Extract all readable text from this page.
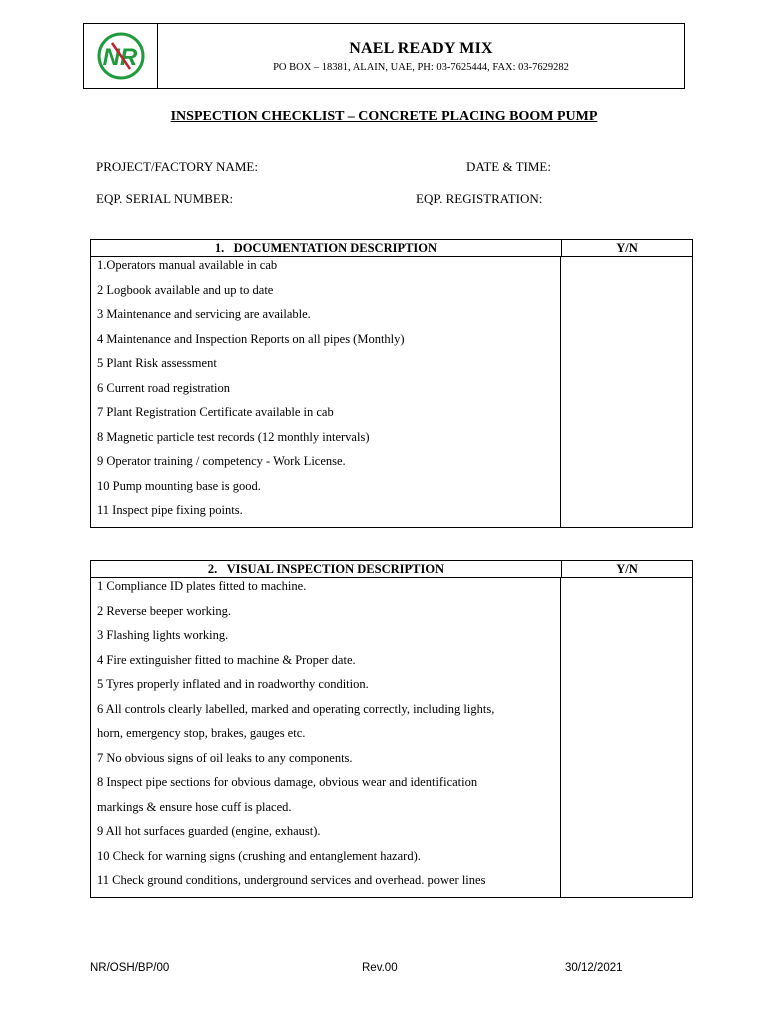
NR	NAEL READY MIX
PO BOX – 18381, ALAIN, UAE, PH: 03-7625444, FAX: 03-7629282
INSPECTION CHECKLIST – CONCRETE PLACING BOOM PUMP
PROJECT/FACTORY NAME:	DATE & TIME:
EQP. SERIAL NUMBER:	EQP. REGISTRATION:
1. DOCUMENTATION DESCRIPTION	Y/N
1.Operators manual available in cab
2 Logbook available and up to date
3 Maintenance and servicing are available.
4 Maintenance and Inspection Reports on all pipes (Monthly)
5 Plant Risk assessment
6 Current road registration
7 Plant Registration Certificate available in cab
8 Magnetic particle test records (12 monthly intervals)
9 Operator training / competency - Work License.
10 Pump mounting base is good.
11 Inspect pipe fixing points.
2. VISUAL INSPECTION DESCRIPTION	Y/N
1 Compliance ID plates fitted to machine.
2 Reverse beeper working.
3 Flashing lights working.
4 Fire extinguisher fitted to machine & Proper date.
5 Tyres properly inflated and in roadworthy condition.
6 All controls clearly labelled, marked and operating correctly, including lights,
horn, emergency stop, brakes, gauges etc.
7 No obvious signs of oil leaks to any components.
8 Inspect pipe sections for obvious damage, obvious wear and identification
markings & ensure hose cuff is placed.
9 All hot surfaces guarded (engine, exhaust).
10 Check for warning signs (crushing and entanglement hazard).
11 Check ground conditions, underground services and overhead. power lines
NR/OSH/BP/00	Rev.00	30/12/2021
